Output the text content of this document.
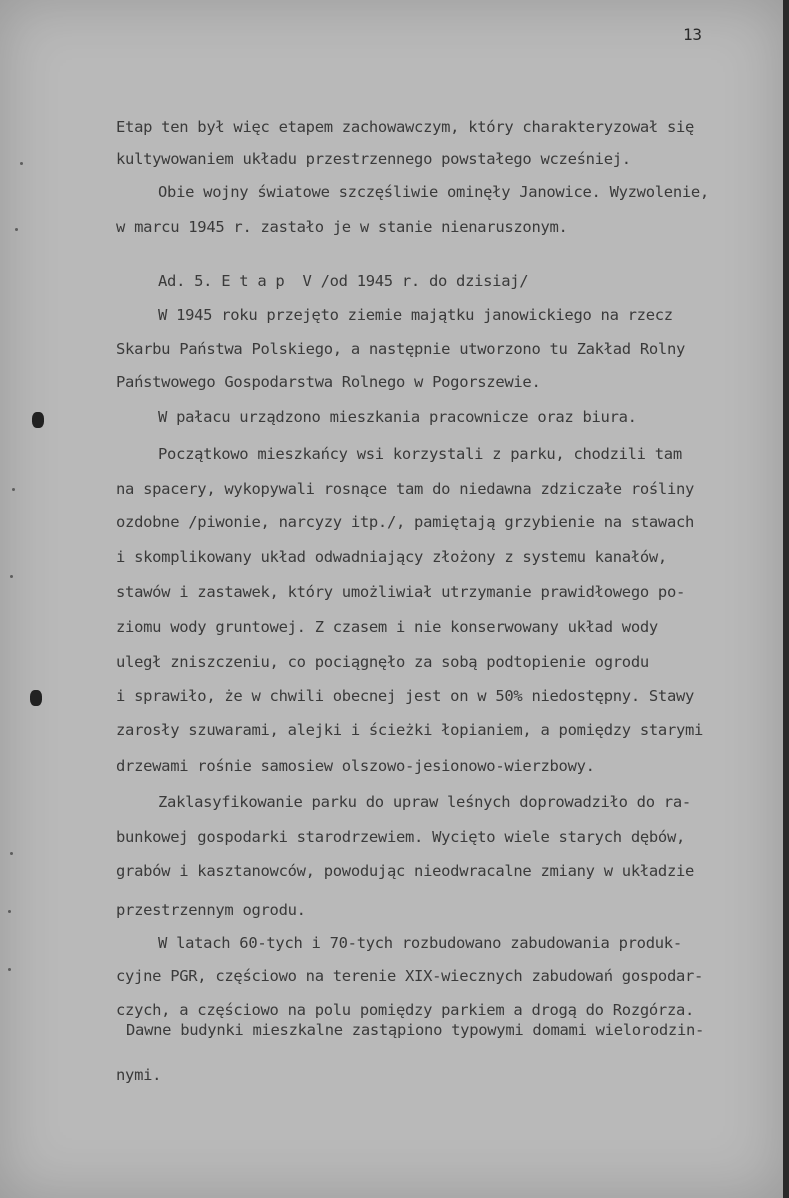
13

Etap ten był więc etapem zachowawczym, który charakteryzował się

kultywowaniem układu przestrzennego powstałego wcześniej.

Obie wojny światowe szczęśliwie ominęły Janowice. Wyzwolenie,

w marcu 1945 r. zastało je w stanie nienaruszonym.

Ad. 5. E t a p  V /od 1945 r. do dzisiaj/

W 1945 roku przejęto ziemie majątku janowickiego na rzecz

Skarbu Państwa Polskiego, a następnie utworzono tu Zakład Rolny

Państwowego Gospodarstwa Rolnego w Pogorszewie.

W pałacu urządzono mieszkania pracownicze oraz biura.

Początkowo mieszkańcy wsi korzystali z parku, chodzili tam

na spacery, wykopywali rosnące tam do niedawna zdziczałe rośliny

ozdobne /piwonie, narcyzy itp./, pamiętają grzybienie na stawach

i skomplikowany układ odwadniający złożony z systemu kanałów,

stawów i zastawek, który umożliwiał utrzymanie prawidłowego po-

ziomu wody gruntowej. Z czasem i nie konserwowany układ wody

uległ zniszczeniu, co pociągnęło za sobą podtopienie ogrodu

i sprawiło, że w chwili obecnej jest on w 50% niedostępny. Stawy

zarosły szuwarami, alejki i ścieżki łopianiem, a pomiędzy starymi

drzewami rośnie samosiew olszowo-jesionowo-wierzbowy.

Zaklasyfikowanie parku do upraw leśnych doprowadziło do ra-

bunkowej gospodarki starodrzewiem. Wycięto wiele starych dębów,

grabów i kasztanowców, powodując nieodwracalne zmiany w układzie

przestrzennym ogrodu.

W latach 60-tych i 70-tych rozbudowano zabudowania produk-

cyjne PGR, częściowo na terenie XIX-wiecznych zabudowań gospodar-

czych, a częściowo na polu pomiędzy parkiem a drogą do Rozgórza.

Dawne budynki mieszkalne zastąpiono typowymi domami wielorodzin-

nymi.
